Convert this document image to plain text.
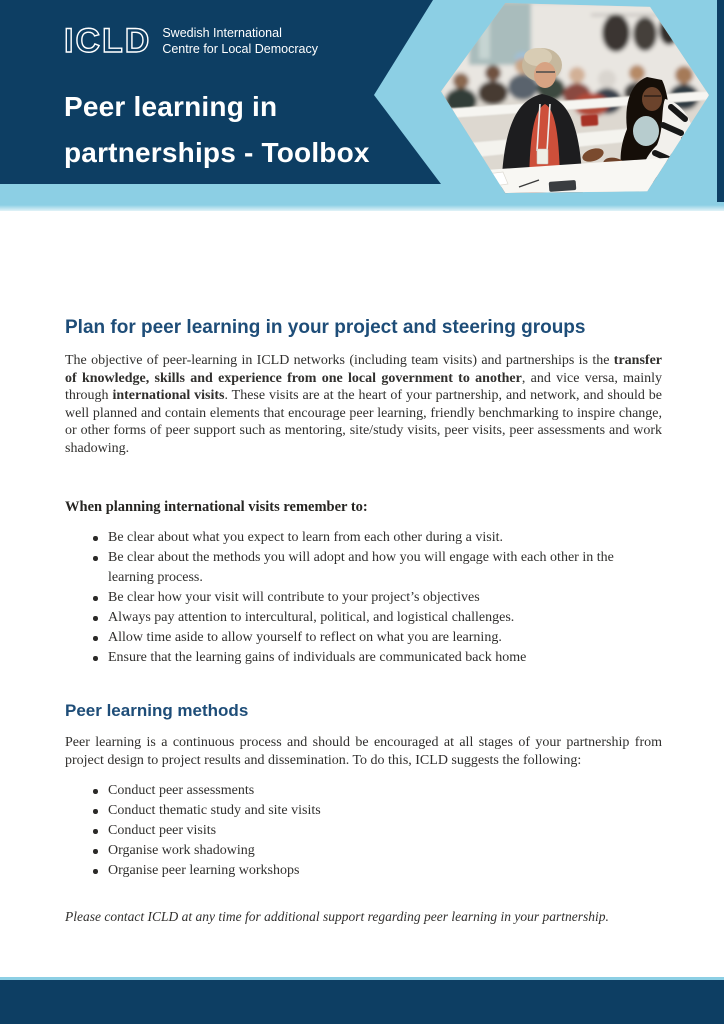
ICLD Swedish International
Centre for Local Democracy
Peer learning in
partnerships - Toolbox
Plan for peer learning in your project and steering groups

The objective of peer-learning in ICLD networks (including team visits) and partnerships is the transfer of knowledge, skills and experience from one local government to another, and vice versa, mainly through international visits. These visits are at the heart of your partnership, and network, and should be well planned and contain elements that encourage peer learning, friendly benchmarking to inspire change, or other forms of peer support such as mentoring, site/study visits, peer visits, peer assessments and work shadowing.

When planning international visits remember to:

Be clear about what you expect to learn from each other during a visit.
Be clear about the methods you will adopt and how you will engage with each other in the learning process.
Be clear how your visit will contribute to your project’s objectives
Always pay attention to intercultural, political, and logistical challenges.
Allow time aside to allow yourself to reflect on what you are learning.
Ensure that the learning gains of individuals are communicated back home
Peer learning methods

Peer learning is a continuous process and should be encouraged at all stages of your partnership from project design to project results and dissemination. To do this, ICLD suggests the following:

Conduct peer assessments
Conduct thematic study and site visits
Conduct peer visits
Organise work shadowing
Organise peer learning workshops

Please contact ICLD at any time for additional support regarding peer learning in your partnership.
